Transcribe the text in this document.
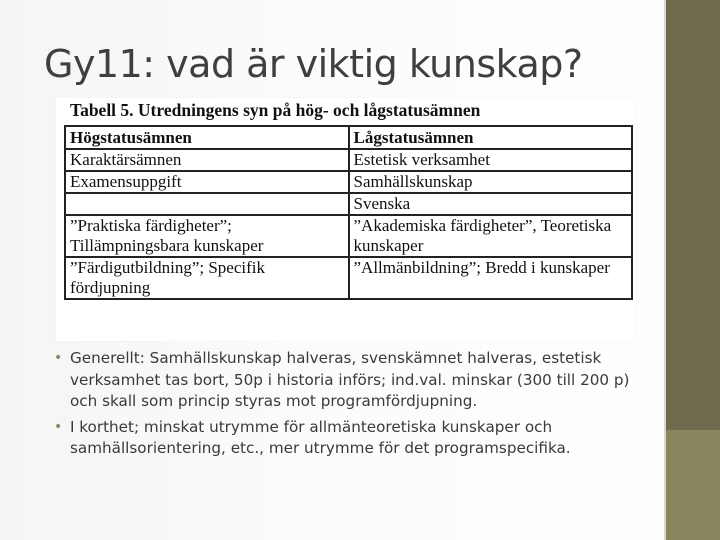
Gy11: vad är viktig kunskap?
Tabell 5. Utredningens syn på hög- och lågstatusämnen
Högstatusämnen	Lågstatusämnen
Karaktärsämnen	Estetisk verksamhet
Examensuppgift	Samhällskunskap
	Svenska
”Praktiska färdigheter”; Tillämpningsbara kunskaper	”Akademiska färdigheter”, Teoretiska kunskaper
”Färdigutbildning”; Specifik fördjupning	”Allmänbildning”; Bredd i kunskaper
• Generellt: Samhällskunskap halveras, svenskämnet halveras, estetisk verksamhet tas bort, 50p i historia införs; ind.val. minskar (300 till 200 p) och skall som princip styras mot programfördjupning.
• I korthet; minskat utrymme för allmänteoretiska kunskaper och samhällsorientering, etc., mer utrymme för det programspecifika.
